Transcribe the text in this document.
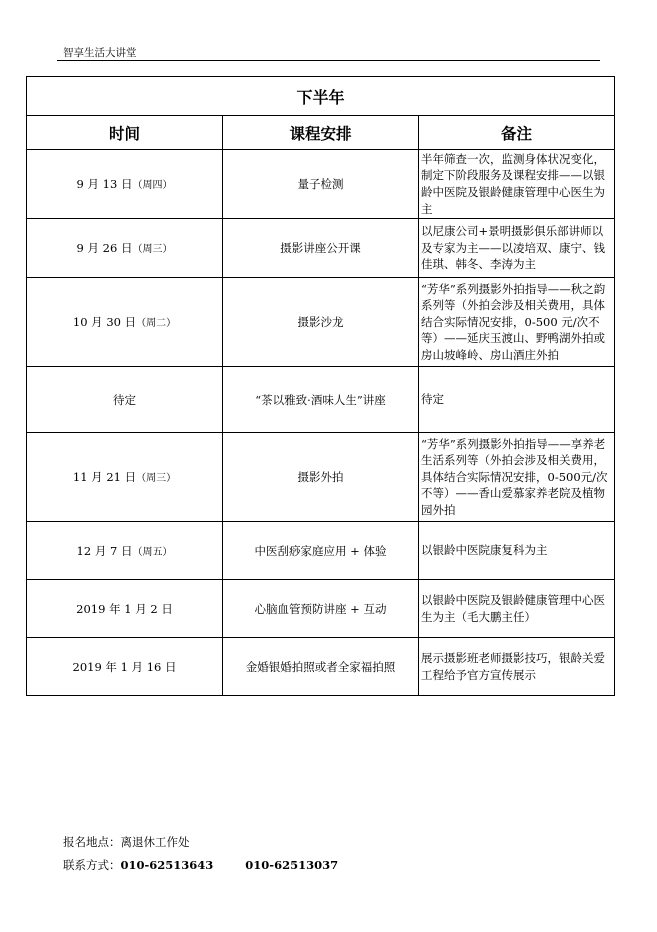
智享生活大讲堂
下半年		
时间	课程安排	备注
9 月 13 日（周四）	量子检测	半年筛查一次，监测身体状况变化，制定下阶段服务及课程安排——以银龄中医院及银龄健康管理中心医生为主
9 月 26 日（周三）	摄影讲座公开课	以尼康公司+景明摄影俱乐部讲师以及专家为主——以凌培双、康宁、钱佳琪、韩冬、李涛为主
10 月 30 日（周二）	摄影沙龙	“芳华”系列摄影外拍指导——秋之韵系列等（外拍会涉及相关费用，具体结合实际情况安排，0-500 元/次不等）——延庆玉渡山、野鸭湖外拍或房山坡峰岭、房山酒庄外拍
待定	“茶以雅致·酒味人生”讲座	待定
11 月 21 日（周三）	摄影外拍	“芳华”系列摄影外拍指导——享养老生活系列等（外拍会涉及相关费用，具体结合实际情况安排，0-500元/次不等）——香山爱慕家养老院及植物园外拍
12 月 7 日（周五）	中医刮痧家庭应用 + 体验	以银龄中医院康复科为主
2019 年 1 月 2 日	心脑血管预防讲座 + 互动	以银龄中医院及银龄健康管理中心医生为主（毛大鹏主任）
2019 年 1 月 16 日	金婚银婚拍照或者全家福拍照	展示摄影班老师摄影技巧，银龄关爱工程给予官方宣传展示
报名地点：离退休工作处
联系方式：010-62513643	010-62513037
